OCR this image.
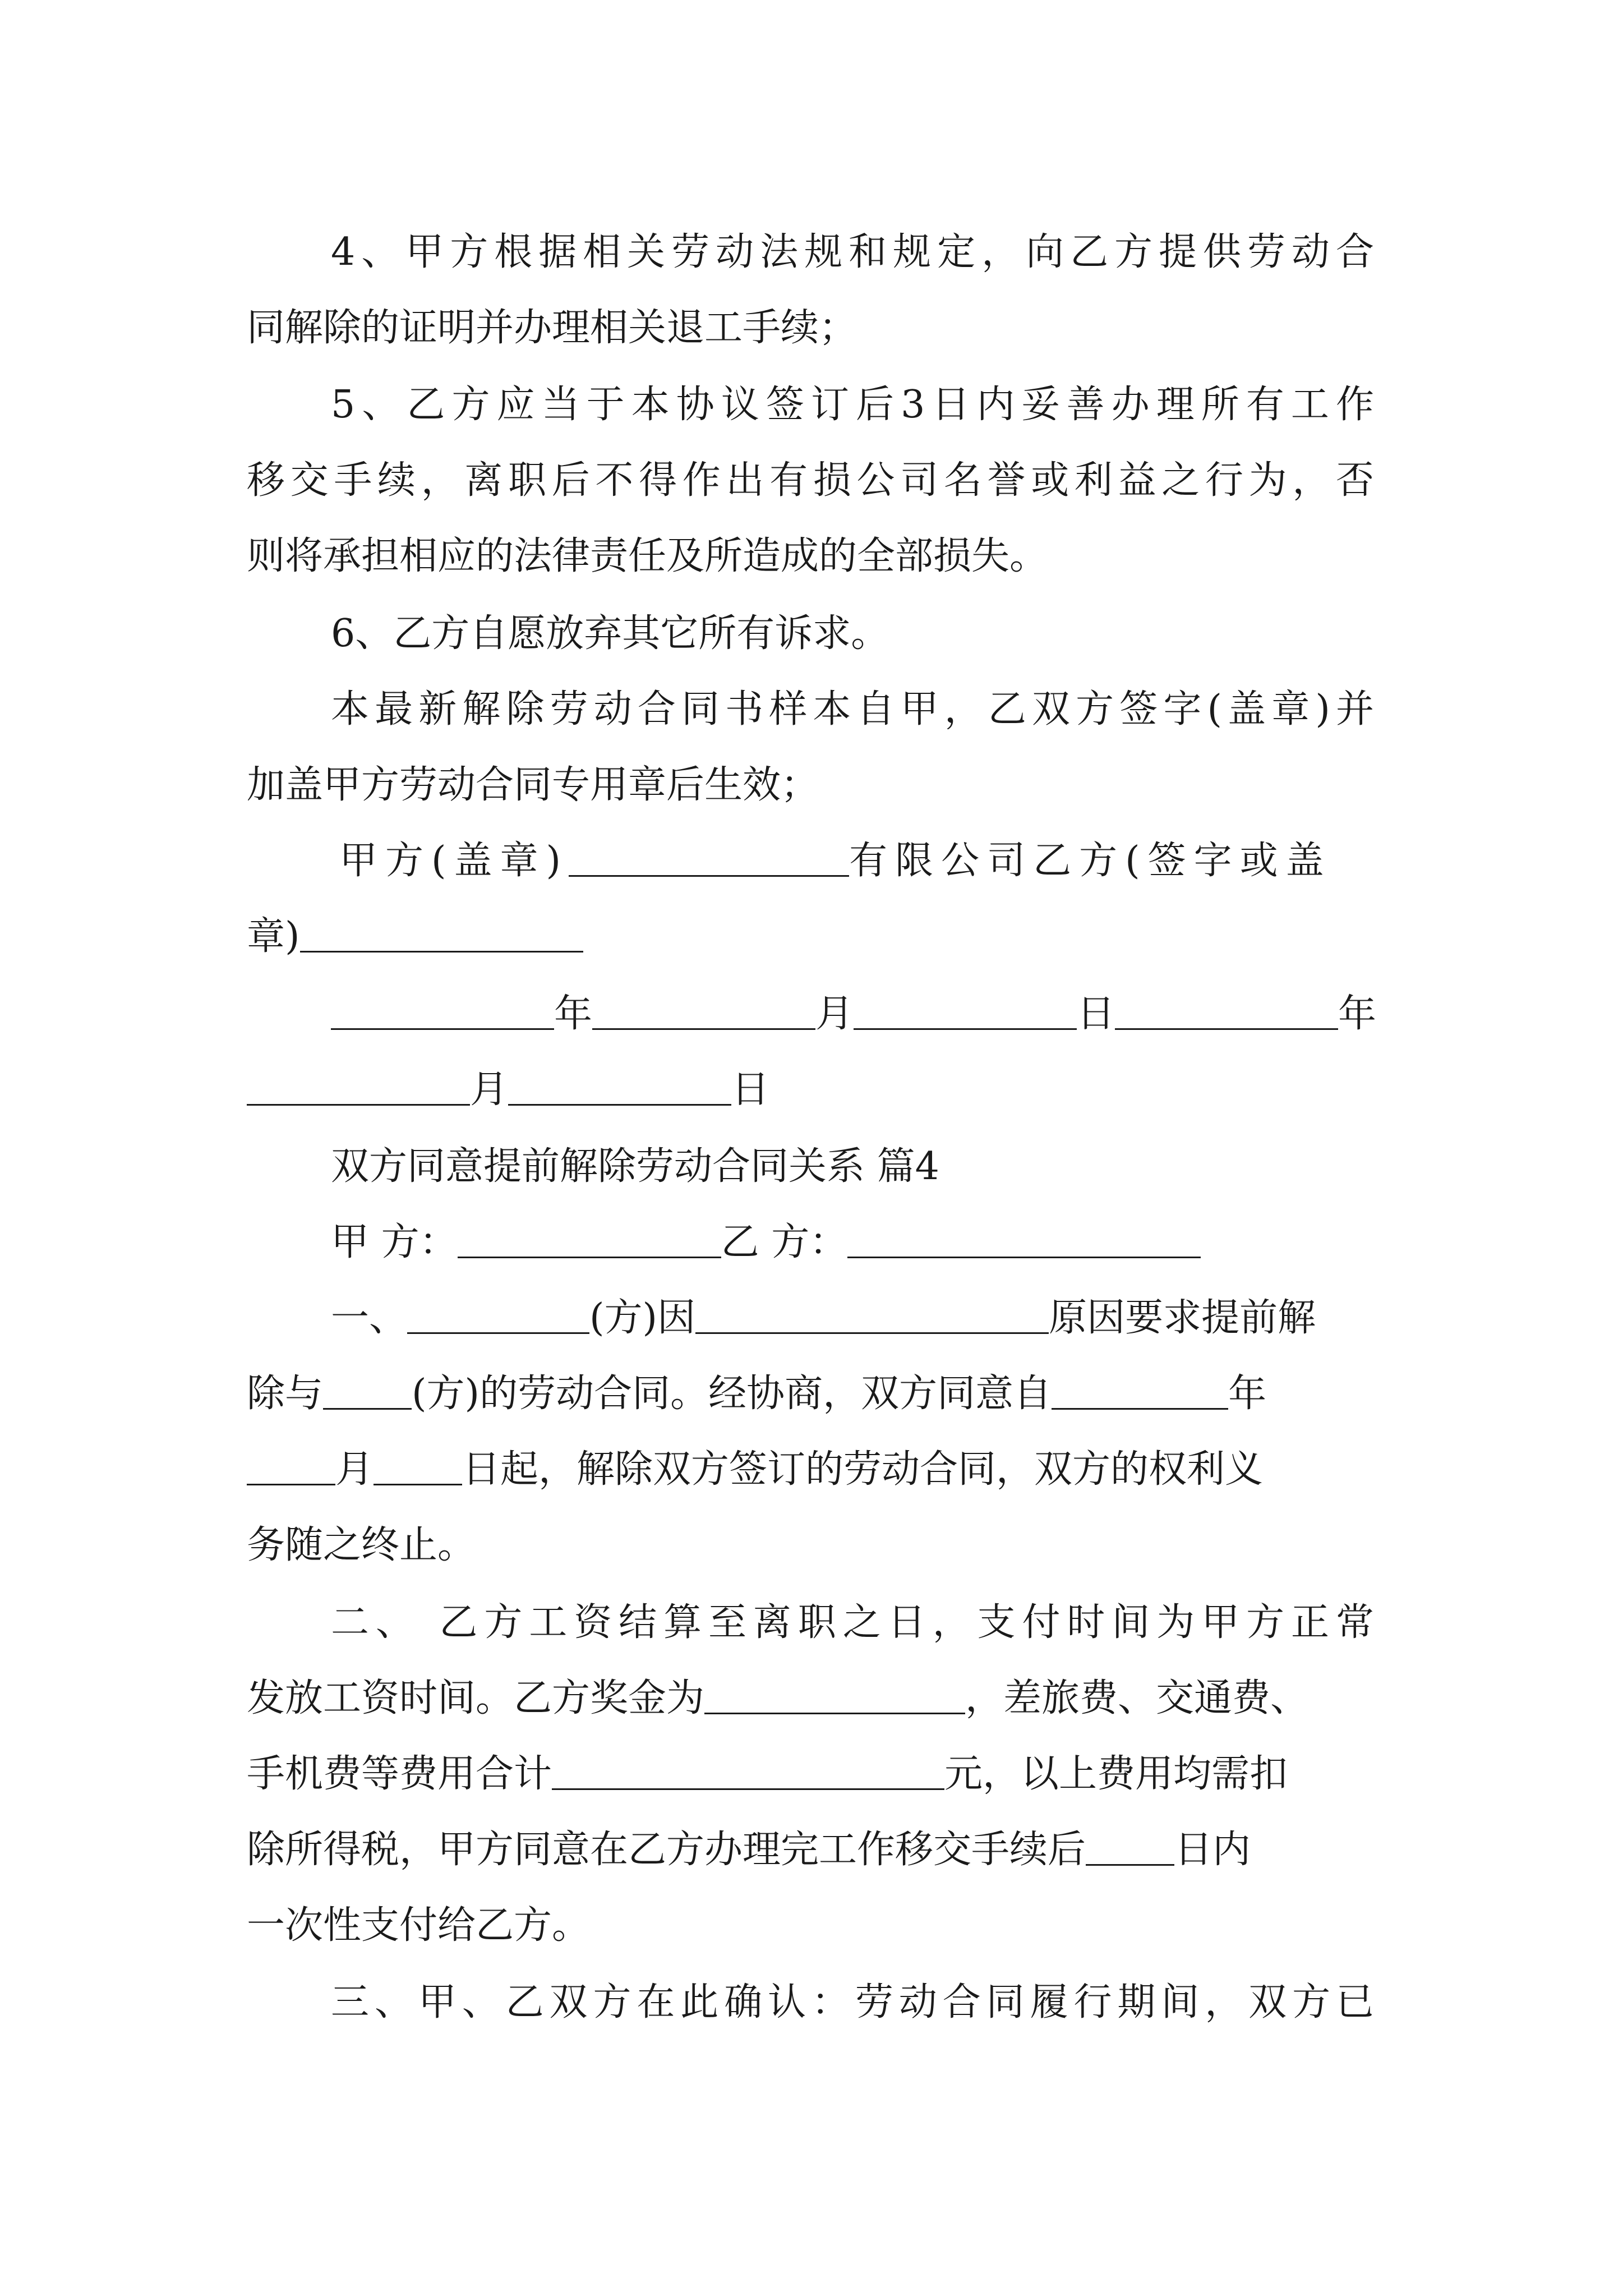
4、甲方根据相关劳动法规和规定，向乙方提供劳动合
同解除的证明并办理相关退工手续；
5、乙方应当于本协议签订后3日内妥善办理所有工作
移交手续，离职后不得作出有损公司名誉或利益之行为，否
则将承担相应的法律责任及所造成的全部损失。
6、乙方自愿放弃其它所有诉求。
本最新解除劳动合同书样本自甲，乙双方签字(盖章)并
加盖甲方劳动合同专用章后生效；
甲方(盖章)	有限公司乙方(签字或盖
章)
年	月	日	年
月	日
双方同意提前解除劳动合同关系 篇4
甲 方：	乙 方：
一、	(方)因	原因要求提前解
除与 (方)的劳动合同。经协商，双方同意自	年
月 日起，解除双方签订的劳动合同，双方的权利义
务随之终止。
二、 乙方工资结算至离职之日，支付时间为甲方正常
发放工资时间。乙方奖金为	，差旅费、交通费、
手机费等费用合计	元，以上费用均需扣
除所得税，甲方同意在乙方办理完工作移交手续后 日内
一次性支付给乙方。
三、甲、乙双方在此确认：劳动合同履行期间，双方已
